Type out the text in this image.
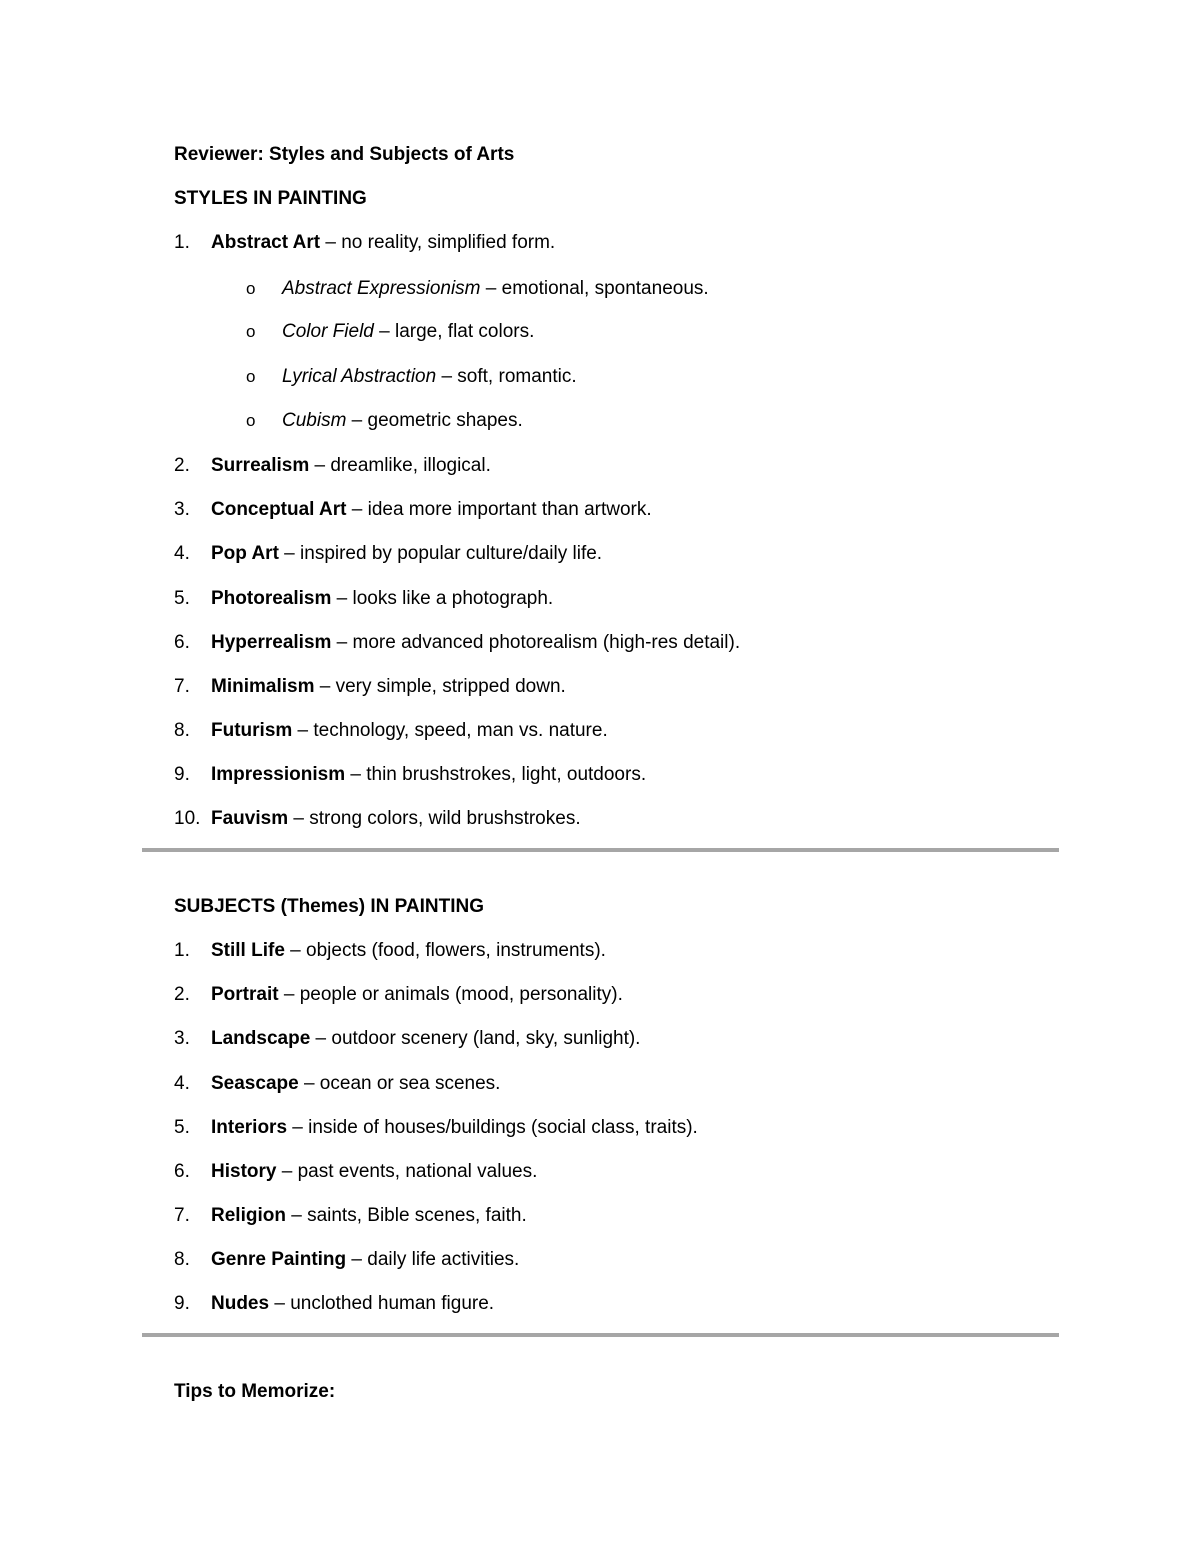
Reviewer: Styles and Subjects of Arts
STYLES IN PAINTING
1. Abstract Art – no reality, simplified form.
o Abstract Expressionism – emotional, spontaneous.
o Color Field – large, flat colors.
o Lyrical Abstraction – soft, romantic.
o Cubism – geometric shapes.
2. Surrealism – dreamlike, illogical.
3. Conceptual Art – idea more important than artwork.
4. Pop Art – inspired by popular culture/daily life.
5. Photorealism – looks like a photograph.
6. Hyperrealism – more advanced photorealism (high-res detail).
7. Minimalism – very simple, stripped down.
8. Futurism – technology, speed, man vs. nature.
9. Impressionism – thin brushstrokes, light, outdoors.
10. Fauvism – strong colors, wild brushstrokes.
SUBJECTS (Themes) IN PAINTING
1. Still Life – objects (food, flowers, instruments).
2. Portrait – people or animals (mood, personality).
3. Landscape – outdoor scenery (land, sky, sunlight).
4. Seascape – ocean or sea scenes.
5. Interiors – inside of houses/buildings (social class, traits).
6. History – past events, national values.
7. Religion – saints, Bible scenes, faith.
8. Genre Painting – daily life activities.
9. Nudes – unclothed human figure.
Tips to Memorize:
